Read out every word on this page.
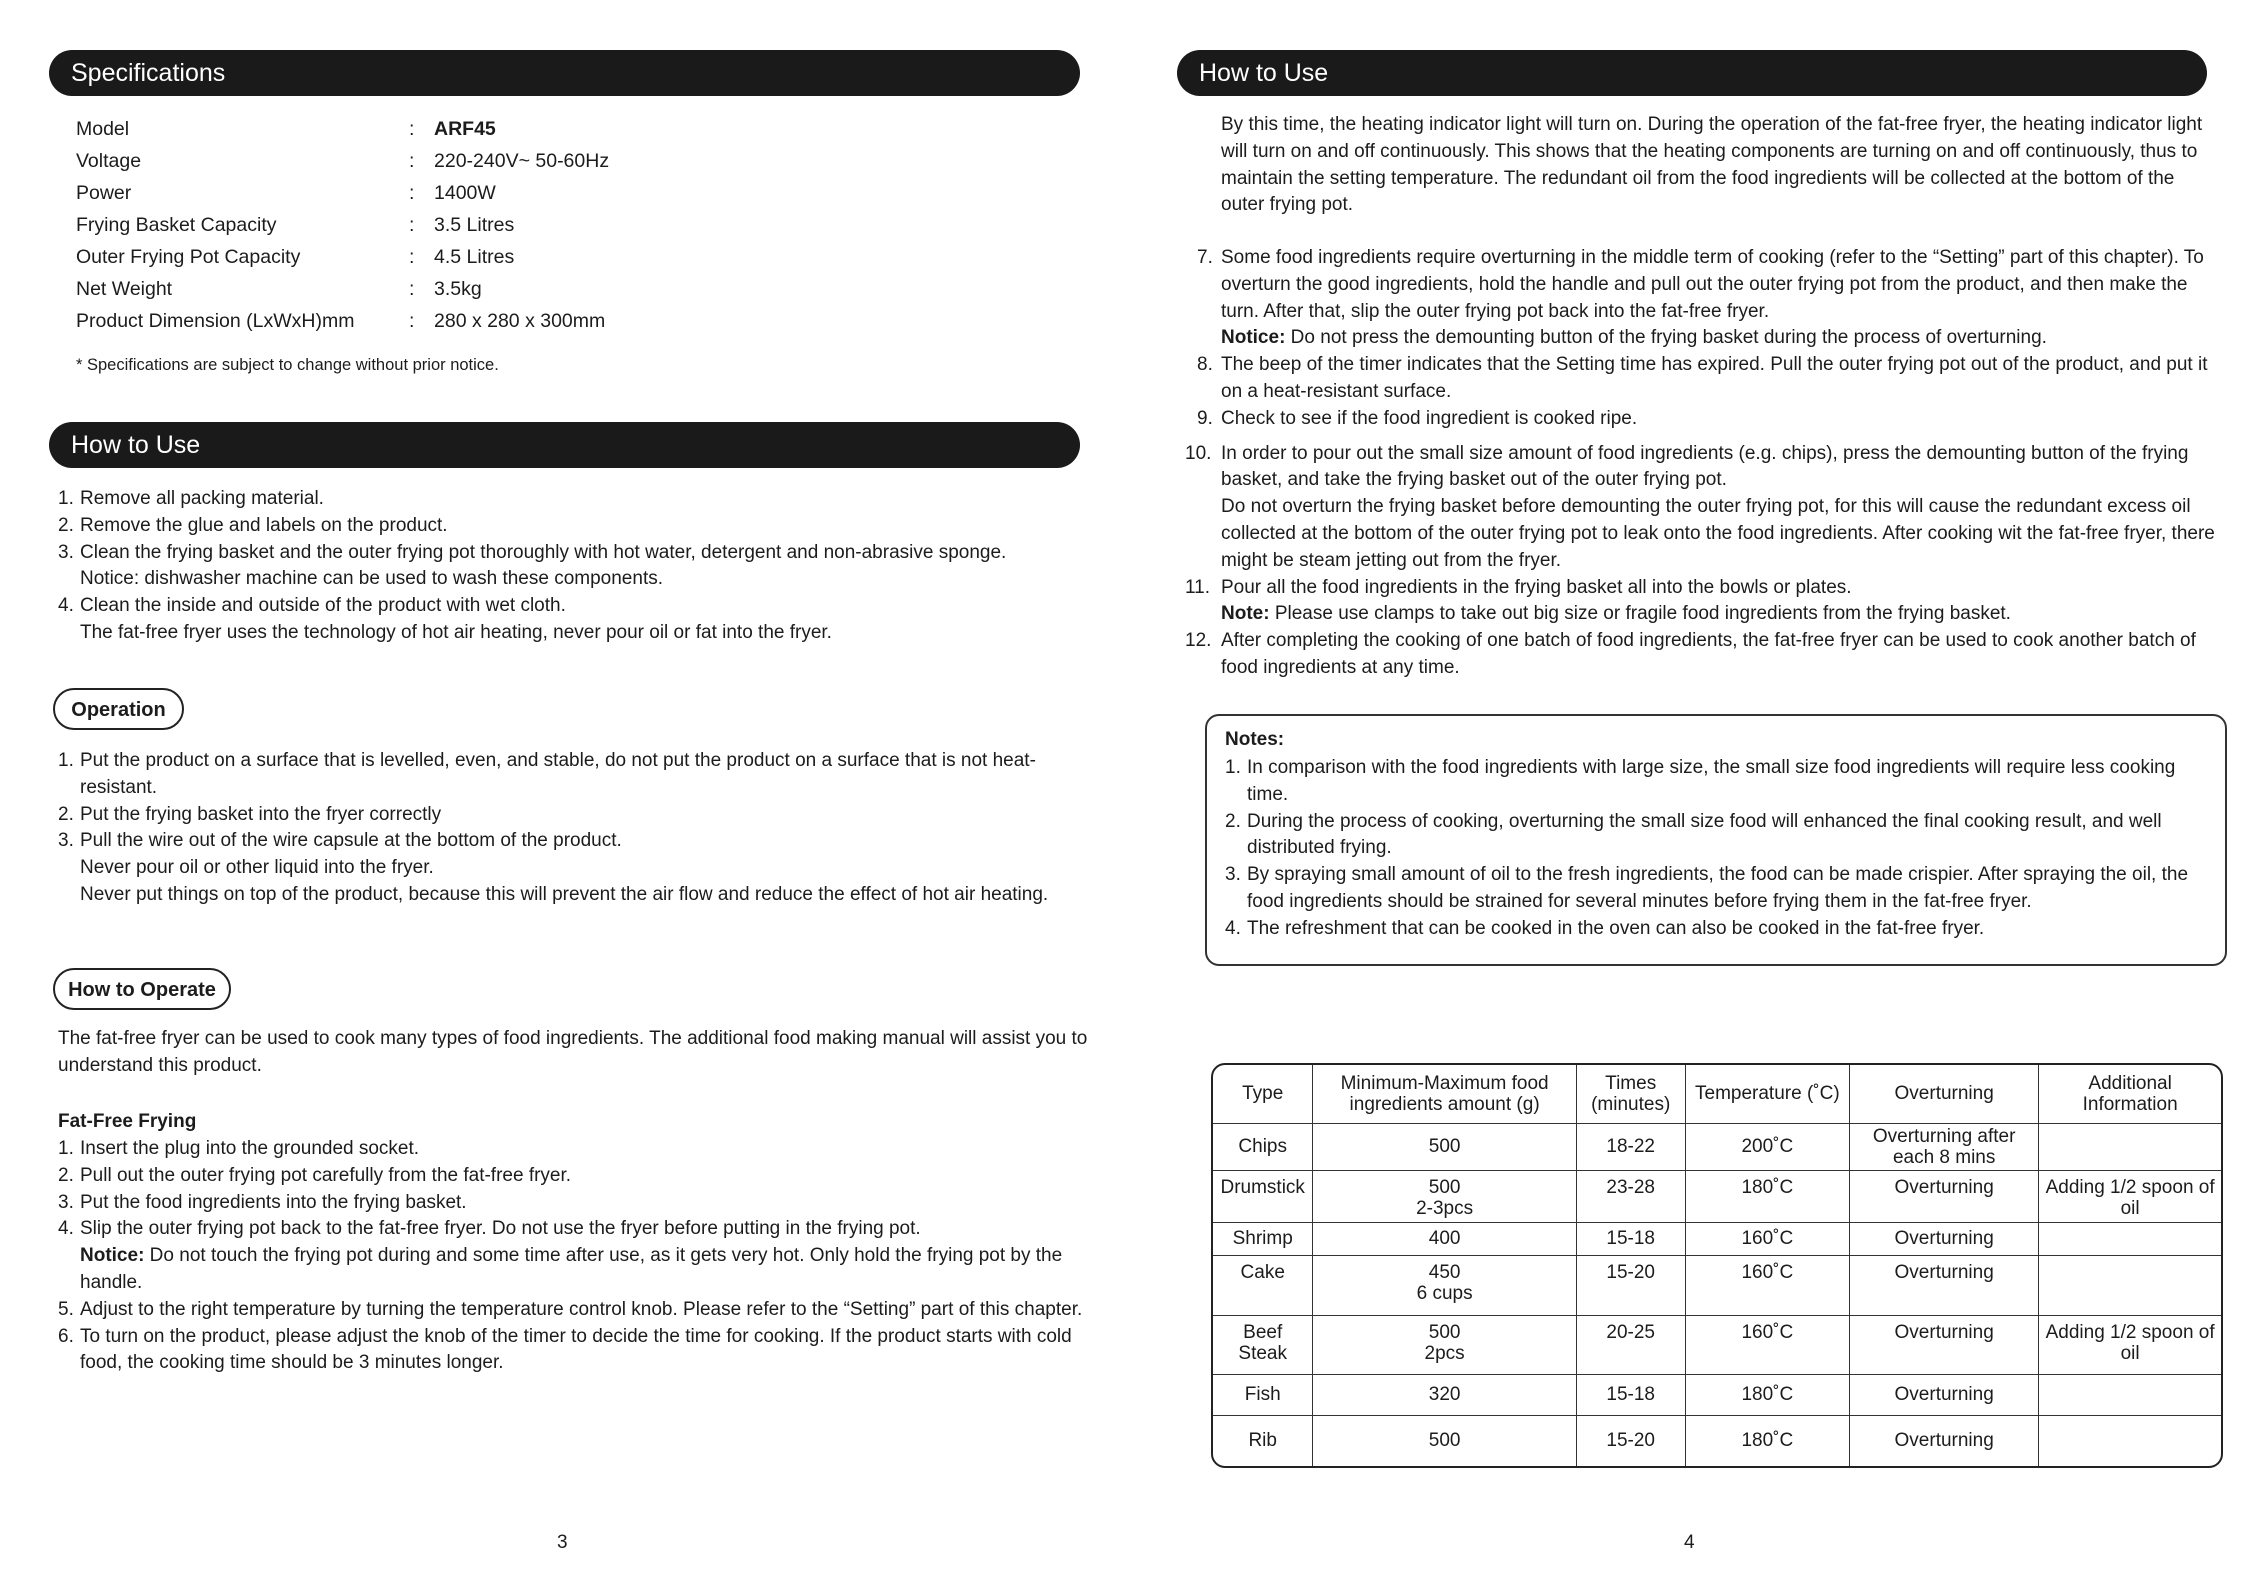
Specifications
Model	: ARF45
Voltage	: 220-240V~ 50-60Hz
Power	: 1400W
Frying Basket Capacity	: 3.5 Litres
Outer Frying Pot Capacity	: 4.5 Litres
Net Weight	: 3.5kg
Product Dimension (LxWxH)mm	: 280 x 280 x 300mm
* Specifications are subject to change without prior notice.
How to Use
1. Remove all packing material.
2. Remove the glue and labels on the product.
3. Clean the frying basket and the outer frying pot thoroughly with hot water, detergent and non-abrasive sponge.
Notice: dishwasher machine can be used to wash these components.
4. Clean the inside and outside of the product with wet cloth.
The fat-free fryer uses the technology of hot air heating, never pour oil or fat into the fryer.
Operation
1. Put the product on a surface that is levelled, even, and stable, do not put the product on a surface that is not heat-resistant.
2. Put the frying basket into the fryer correctly
3. Pull the wire out of the wire capsule at the bottom of the product.
Never pour oil or other liquid into the fryer.
Never put things on top of the product, because this will prevent the air flow and reduce the effect of hot air heating.
How to Operate
The fat-free fryer can be used to cook many types of food ingredients. The additional food making manual will assist you to understand this product.
Fat-Free Frying
1. Insert the plug into the grounded socket.
2. Pull out the outer frying pot carefully from the fat-free fryer.
3. Put the food ingredients into the frying basket.
4. Slip the outer frying pot back to the fat-free fryer. Do not use the fryer before putting in the frying pot.
Notice: Do not touch the frying pot during and some time after use, as it gets very hot. Only hold the frying pot by the handle.
5. Adjust to the right temperature by turning the temperature control knob. Please refer to the “Setting” part of this chapter.
6. To turn on the product, please adjust the knob of the timer to decide the time for cooking. If the product starts with cold food, the cooking time should be 3 minutes longer.
3
How to Use
By this time, the heating indicator light will turn on. During the operation of the fat-free fryer, the heating indicator light will turn on and off continuously. This shows that the heating components are turning on and off continuously, thus to maintain the setting temperature. The redundant oil from the food ingredients will be collected at the bottom of the outer frying pot.
7. Some food ingredients require overturning in the middle term of cooking (refer to the “Setting” part of this chapter). To overturn the good ingredients, hold the handle and pull out the outer frying pot from the product, and then make the turn. After that, slip the outer frying pot back into the fat-free fryer.
Notice: Do not press the demounting button of the frying basket during the process of overturning.
8. The beep of the timer indicates that the Setting time has expired. Pull the outer frying pot out of the product, and put it on a heat-resistant surface.
9. Check to see if the food ingredient is cooked ripe.
10. In order to pour out the small size amount of food ingredients (e.g. chips), press the demounting button of the frying basket, and take the frying basket out of the outer frying pot.
Do not overturn the frying basket before demounting the outer frying pot, for this will cause the redundant excess oil collected at the bottom of the outer frying pot to leak onto the food ingredients. After cooking wit the fat-free fryer, there might be steam jetting out from the fryer.
11. Pour all the food ingredients in the frying basket all into the bowls or plates.
Note: Please use clamps to take out big size or fragile food ingredients from the frying basket.
12. After completing the cooking of one batch of food ingredients, the fat-free fryer can be used to cook another batch of food ingredients at any time.
Notes:
1. In comparison with the food ingredients with large size, the small size food ingredients will require less cooking time.
2. During the process of cooking, overturning the small size food will enhanced the final cooking result, and well distributed frying.
3. By spraying small amount of oil to the fresh ingredients, the food can be made crispier. After spraying the oil, the food ingredients should be strained for several minutes before frying them in the fat-free fryer.
4. The refreshment that can be cooked in the oven can also be cooked in the fat-free fryer.
Type	Minimum-Maximum food ingredients amount (g)	Times (minutes)	Temperature (˚C)	Overturning	Additional Information
Chips	500	18-22	200˚C	Overturning after each 8 mins	
Drumstick	500
2-3pcs	23-28	180˚C	Overturning	Adding 1/2 spoon of oil
Shrimp	400	15-18	160˚C	Overturning	
Cake	450
6 cups	15-20	160˚C	Overturning	
Beef Steak	500
2pcs	20-25	160˚C	Overturning	Adding 1/2 spoon of oil
Fish	320	15-18	180˚C	Overturning	
Rib	500	15-20	180˚C	Overturning	
4
